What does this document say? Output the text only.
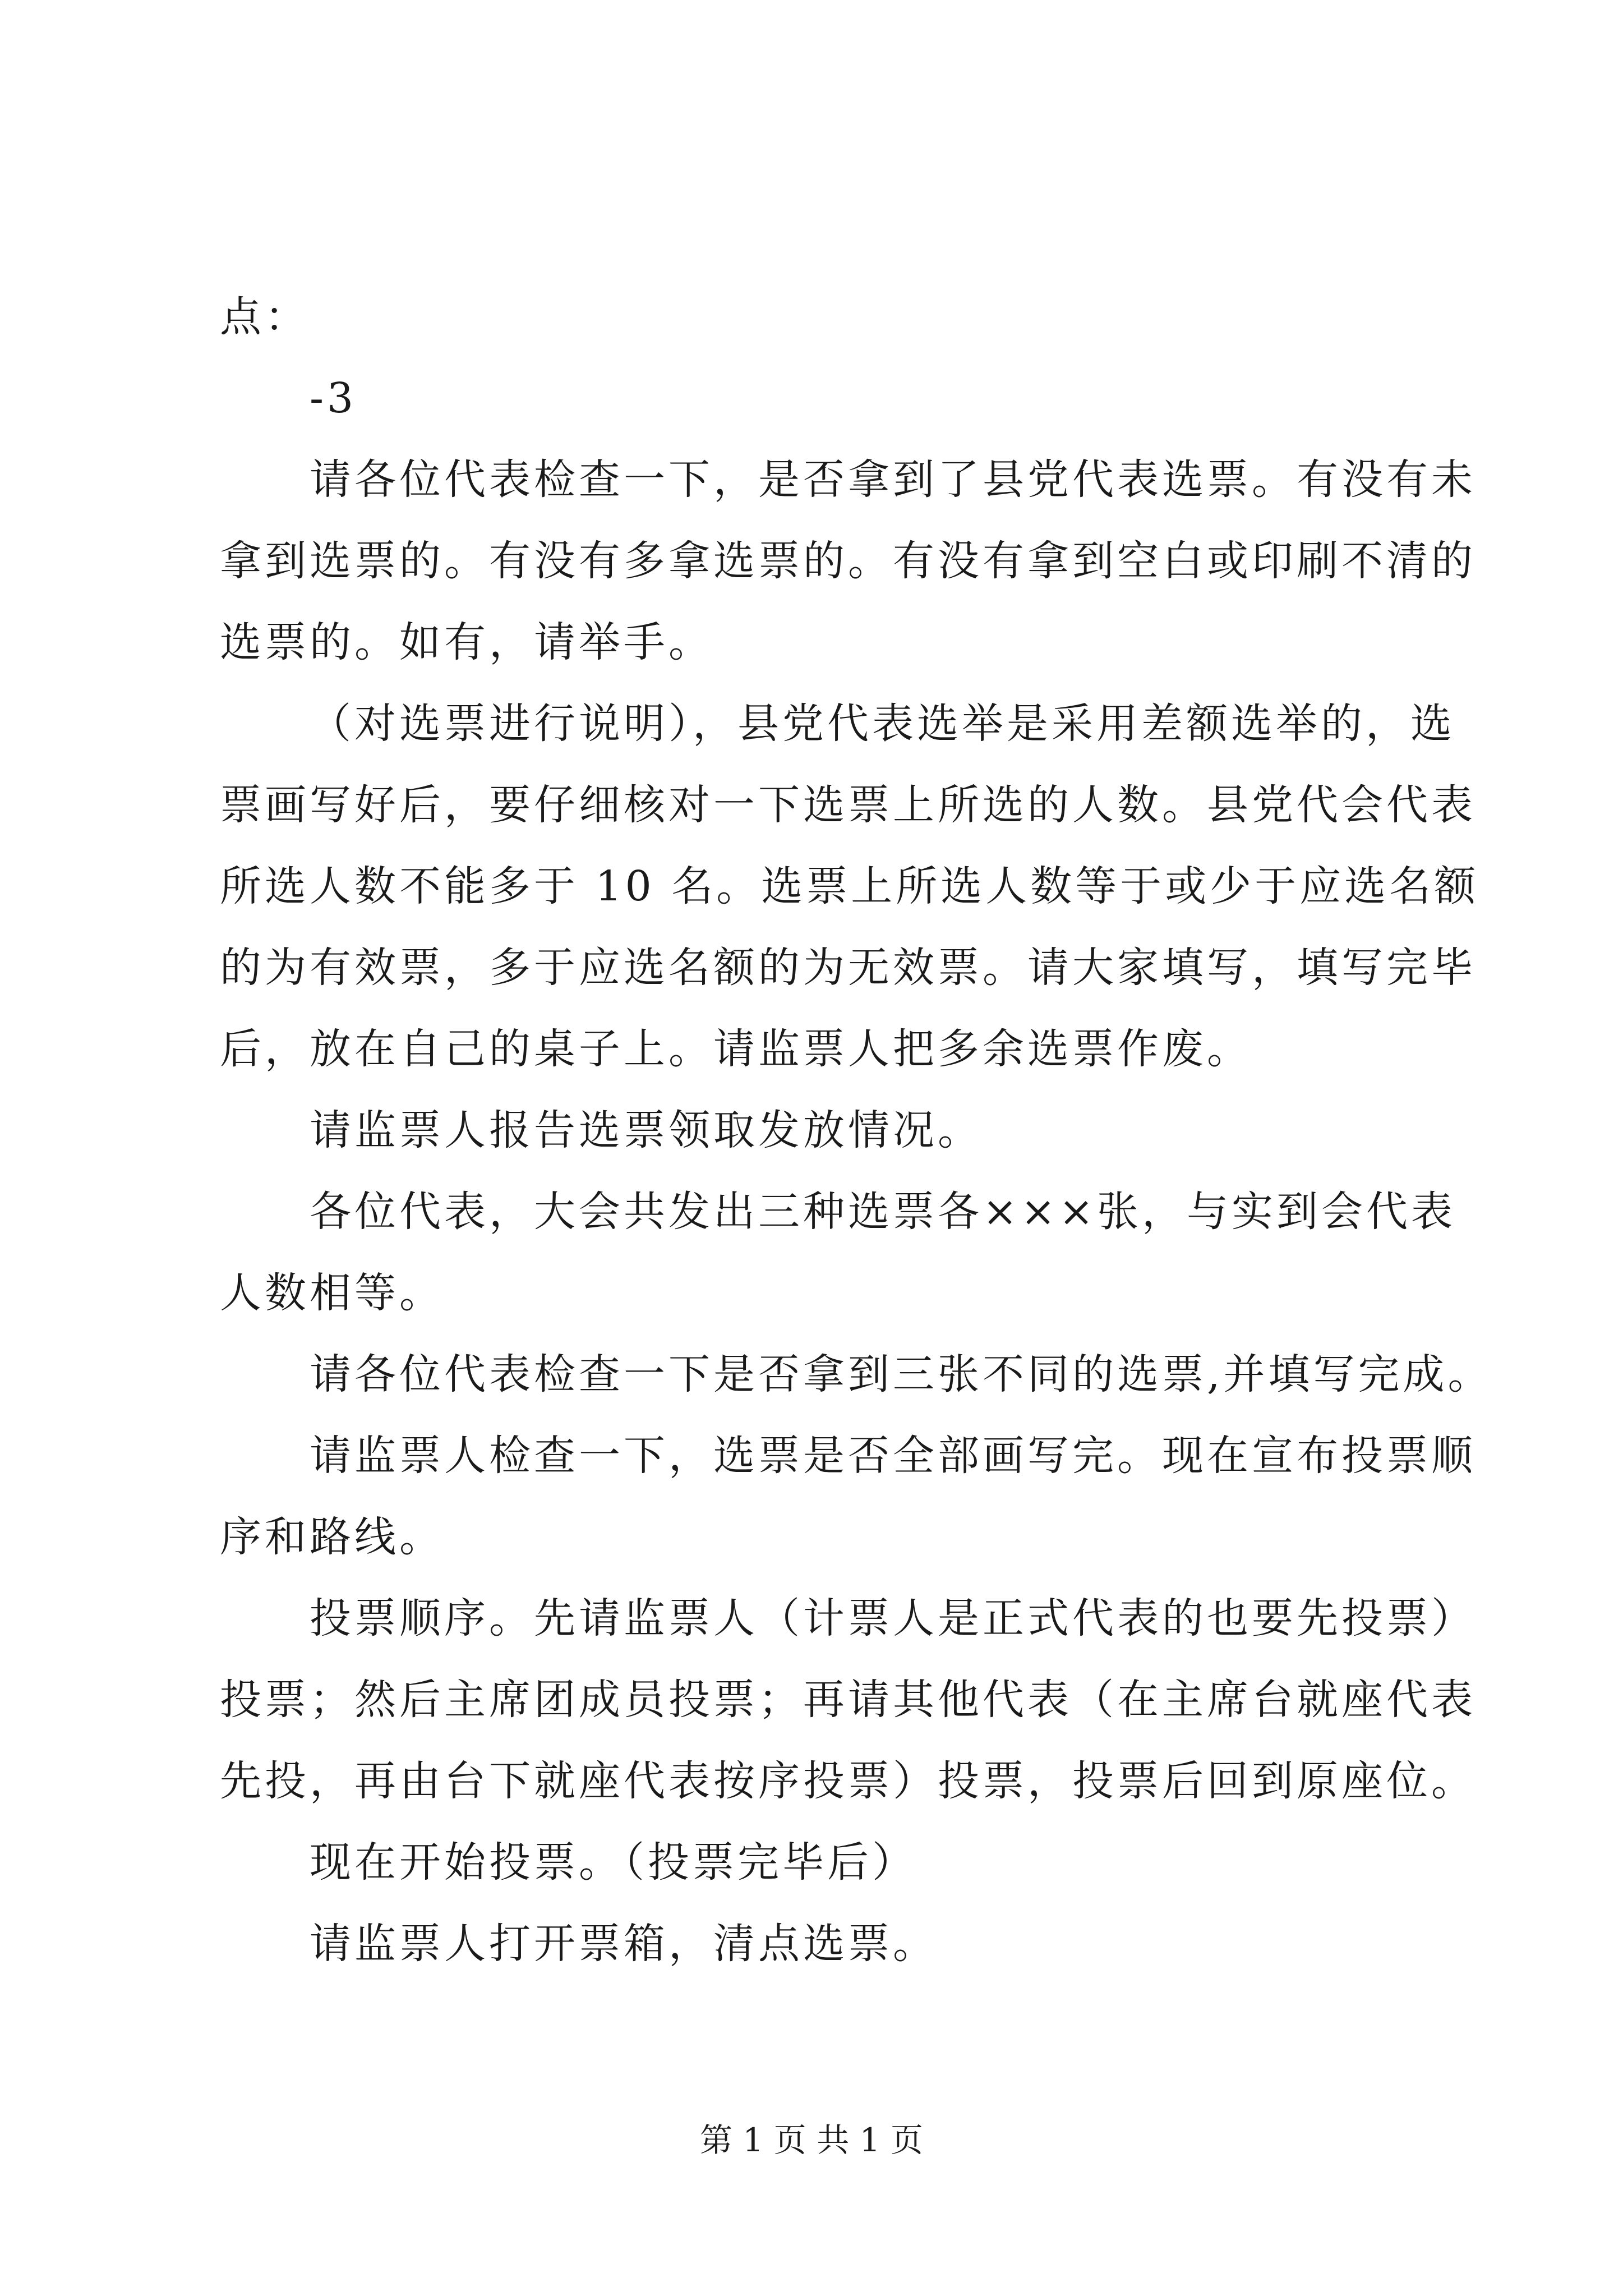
点：
-3
请各位代表检查一下，是否拿到了县党代表选票。有没有未
拿到选票的。有没有多拿选票的。有没有拿到空白或印刷不清的
选票的。如有，请举手。
（对选票进行说明），县党代表选举是采用差额选举的，选
票画写好后，要仔细核对一下选票上所选的人数。县党代会代表
所选人数不能多于 10 名。选票上所选人数等于或少于应选名额
的为有效票，多于应选名额的为无效票。请大家填写，填写完毕
后，放在自己的桌子上。请监票人把多余选票作废。
请监票人报告选票领取发放情况。
各位代表，大会共发出三种选票各×××张，与实到会代表
人数相等。
请各位代表检查一下是否拿到三张不同的选票,并填写完成。
请监票人检查一下，选票是否全部画写完。现在宣布投票顺
序和路线。
投票顺序。先请监票人（计票人是正式代表的也要先投票）
投票；然后主席团成员投票；再请其他代表（在主席台就座代表
先投，再由台下就座代表按序投票）投票，投票后回到原座位。
现在开始投票。（投票完毕后）
请监票人打开票箱，清点选票。
第 1 页 共 1 页
